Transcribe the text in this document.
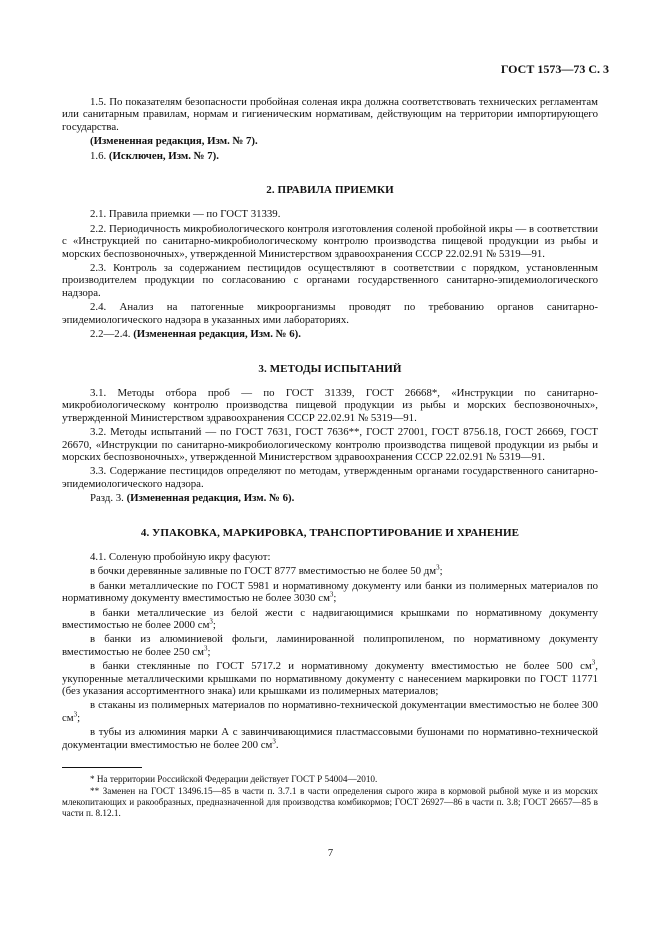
ГОСТ 1573—73 С. 3

1.5. По показателям безопасности пробойная соленая икра должна соответствовать технических регламентам или санитарным правилам, нормам и гигиеническим нормативам, действующим на территории импортирующего государства.

(Измененная редакция, Изм. № 7).

1.6. (Исключен, Изм. № 7).

2. ПРАВИЛА ПРИЕМКИ

2.1. Правила приемки — по ГОСТ 31339.

2.2. Периодичность микробиологического контроля изготовления соленой пробойной икры — в соответствии с «Инструкцией по санитарно-микробиологическому контролю производства пищевой продукции из рыбы и морских беспозвоночных», утвержденной Министерством здравоохранения СССР 22.02.91 № 5319—91.

2.3. Контроль за содержанием пестицидов осуществляют в соответствии с порядком, установленным производителем продукции по согласованию с органами государственного санитарно-эпидемиологического надзора.

2.4. Анализ на патогенные микроорганизмы проводят по требованию органов санитарно-эпидемиологического надзора в указанных ими лабораториях.

2.2—2.4. (Измененная редакция, Изм. № 6).

3. МЕТОДЫ ИСПЫТАНИЙ

3.1. Методы отбора проб — по ГОСТ 31339, ГОСТ 26668*, «Инструкции по санитарно-микробиологическому контролю производства пищевой продукции из рыбы и морских беспозвоночных», утвержденной Министерством здравоохранения СССР 22.02.91 № 5319—91.

3.2. Методы испытаний — по ГОСТ 7631, ГОСТ 7636**, ГОСТ 27001, ГОСТ 8756.18, ГОСТ 26669, ГОСТ 26670, «Инструкции по санитарно-микробиологическому контролю производства пищевой продукции из рыбы и морских беспозвоночных», утвержденной Министерством здравоохранения СССР 22.02.91 № 5319—91.

3.3. Содержание пестицидов определяют по методам, утвержденным органами государственного санитарно-эпидемиологического надзора.

Разд. 3. (Измененная редакция, Изм. № 6).

4. УПАКОВКА, МАРКИРОВКА, ТРАНСПОРТИРОВАНИЕ И ХРАНЕНИЕ

4.1. Соленую пробойную икру фасуют:

в бочки деревянные заливные по ГОСТ 8777 вместимостью не более 50 $дм^3$;

в банки металлические по ГОСТ 5981 и нормативному документу или банки из полимерных материалов по нормативному документу вместимостью не более 3030 $см^3$;

в банки металлические из белой жести с надвигающимися крышками по нормативному документу вместимостью не более 2000 $см^3$;

в банки из алюминиевой фольги, ламинированной полипропиленом, по нормативному документу вместимостью не более 250 $см^3$;

в банки стеклянные по ГОСТ 5717.2 и нормативному документу вместимостью не более 500 $см^3$, укупоренные металлическими крышками по нормативному документу с нанесением маркировки по ГОСТ 11771 (без указания ассортиментного знака) или крышками из полимерных материалов;

в стаканы из полимерных материалов по нормативно-технической документации вместимостью не более 300 $см^3$;

в тубы из алюминия марки А с завинчивающимися пластмассовыми бушонами по нормативно-технической документации вместимостью не более 200 $см^3$.

* На территории Российской Федерации действует ГОСТ Р 54004—2010.

** Заменен на ГОСТ 13496.15—85 в части п. 3.7.1 в части определения сырого жира в кормовой рыбной муке и из морских млекопитающих и ракообразных, предназначенной для производства комбикормов; ГОСТ 26927—86 в части п. 3.8; ГОСТ 26657—85 в части п. 8.12.1.

7
